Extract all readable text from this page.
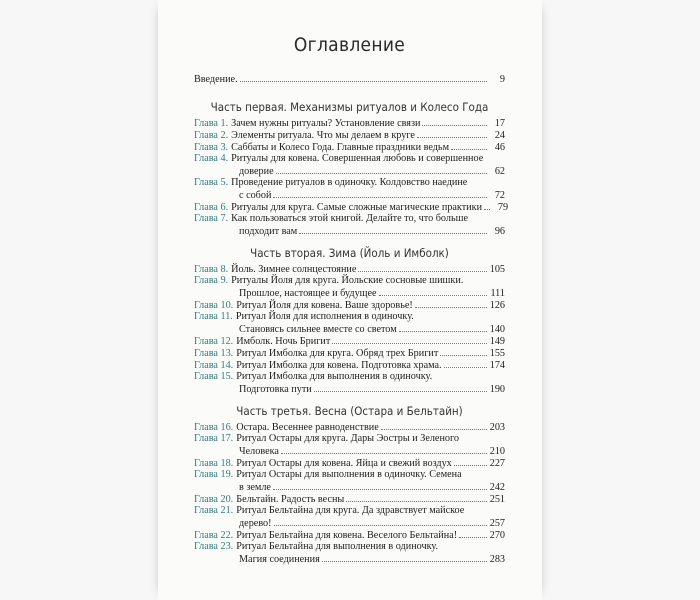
Оглавление
Введение.	9
Часть первая. Механизмы ритуалов и Колесо Года
Глава 1. Зачем нужны ритуалы? Установление связи	17
Глава 2. Элементы ритуала. Что мы делаем в круге	24
Глава 3. Саббаты и Колесо Года. Главные праздники ведьм	46
Глава 4. Ритуалы для ковена. Совершенная любовь и совершенное
доверие	62
Глава 5. Проведение ритуалов в одиночку. Колдовство наедине
с собой	72
Глава 6. Ритуалы для круга. Самые сложные магические практики	79
Глава 7. Как пользоваться этой книгой. Делайте то, что больше
подходит вам	96
Часть вторая. Зима (Йоль и Имболк)
Глава 8. Йоль. Зимнее солнцестояние	105
Глава 9. Ритуалы Йоля для круга. Йольские сосновые шишки.
Прошлое, настоящее и будущее	111
Глава 10. Ритуал Йоля для ковена. Ваше здоровье!	126
Глава 11. Ритуал Йоля для исполнения в одиночку.
Становясь сильнее вместе со светом	140
Глава 12. Имболк. Ночь Бригит	149
Глава 13. Ритуал Имболка для круга. Обряд трех Бригит	155
Глава 14. Ритуал Имболка для ковена. Подготовка храма.	174
Глава 15. Ритуал Имболка для выполнения в одиночку.
Подготовка пути	190
Часть третья. Весна (Остара и Бельтайн)
Глава 16. Остара. Весеннее равноденствие	203
Глава 17. Ритуал Остары для круга. Дары Эостры и Зеленого
Человека	210
Глава 18. Ритуал Остары для ковена. Яйца и свежий воздух	227
Глава 19. Ритуал Остары для выполнения в одиночку. Семена
в земле	242
Глава 20. Бельтайн. Радость весны	251
Глава 21. Ритуал Бельтайна для круга. Да здравствует майское
дерево!	257
Глава 22. Ритуал Бельтайна для ковена. Веселого Бельтайна!	270
Глава 23. Ритуал Бельтайна для выполнения в одиночку.
Магия соединения	283
